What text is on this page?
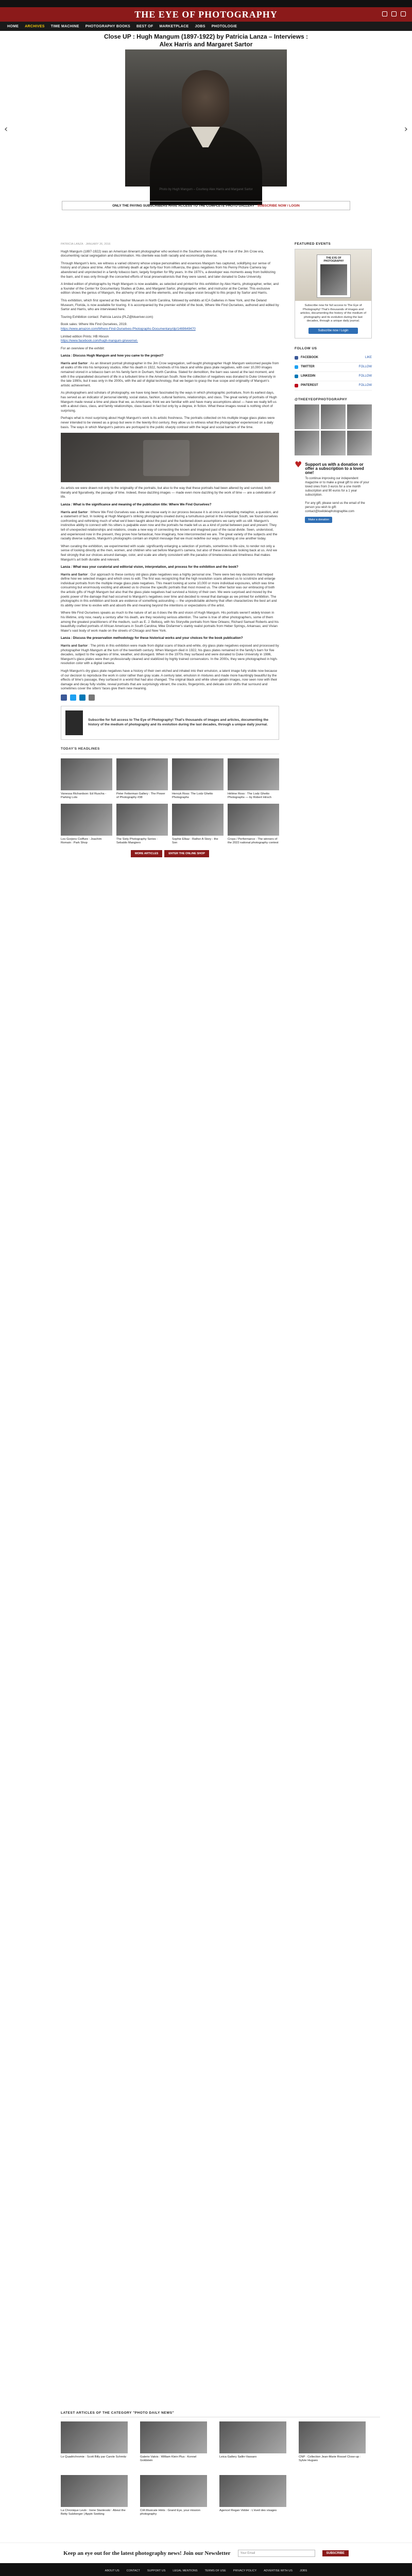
THE EYE OF PHOTOGRAPHY
HOME ARCHIVES TIME MACHINE PHOTOGRAPHY BOOKS BEST OF MARKETPLACE JOBS PHOTOLOGIE
Close UP : Hugh Mangum (1897-1922) by Patricia Lanza – Interviews : Alex Harris and Margaret Sartor
‹	›
Photo by Hugh Mangum – Courtesy Alex Harris and Margaret Sartor
ONLY THE PAYING SUBSCRIBERS HAVE ACCESS TO THE COMPLETE PHOTO GALLERY SUBSCRIBE NOW / LOGIN
PATRICIA LANZA · JANUARY 26, 2016

Hugh Mangum (1897-1922) was an American itinerant photographer who worked in the Southern states during the rise of the Jim Crow era, documenting racial segregation and discrimination. His clientele was both racially and economically diverse.

Through Mangum's lens, we witness a varied citizenry whose unique personalities and essences Mangum has captured, solidifying our sense of history and of place and time. After his untimely death at age forty-four from influenza, the glass negatives from his Penny Picture Camera lay abandoned and unprotected in a family tobacco barn, largely forgotten for fifty years. In the 1970's, a developer was moments away from bulldozing the barn, and it was only through the concerted efforts of local preservationists that they were saved, and later donated to Duke University.

A limited edition of photographs by Hugh Mangum is now available, as selected and printed for this exhibition by Alex Harris, photographer, writer, and a founder of the Center for Documentary Studies at Duke, and Margaret Sartor, photographer, writer, and instructor at the Center. This exclusive edition shows the genius of Mangum, the alchemy of time and the elements, and the unique vision brought to this project by Sartor and Harris.

This exhibition, which first opened at the Nasher Museum in North Carolina, followed by exhibits at ICA Galleries in New York, and the Deland Museum, Florida, is now available for touring. It is accompanied by the premier exhibit of the book, Where We Find Ourselves, authored and edited by Sartor and Harris, who are interviewed here.

Touring Exhibition contact: Patricia Lanza (PLZ@blueriver.com)

Book sales: Where We Find Ourselves, 2019.
https://www.amazon.com/Where-Find-Ourselves-Photographs-Documentary/dp/1469649470

Limited edition Prints: HB Hixson
https://www.facebook.com/hugh-mangum-grievernet-

For an overview of the exhibit:

Lanza : Discuss Hugh Mangum and how you came to the project?

Harris and Sartor : As an itinerant portrait photographer in the Jim Crow segregation, self-taught photographer Hugh Mangum welcomed people from all walks of life into his temporary studios. After his death in 1922, hundreds of his black and white glass plate negatives, with over 10,000 images remained stored in a tobacco barn on his family farm in Durham, North Carolina. Slated for demolition, the barn was saved at the last moment, and with it the unparalleled document of life in a turbulent time in the American South. Now the collection of negatives was donated to Duke University in the late 1990s, but it was only in the 2000s, with the aid of digital technology, that we began to grasp the true scope and originality of Mangum's artistic achievement.

As photographers and scholars of photography, we have long been fascinated by the ways in which photographic portraiture, from its earliest days, has served as an indicator of personal identity, social status, fashion, cultural fashions, relationships, and class. The great variety of portraits of Hugh Mangum made reveal a time and place that we, as Americans, think we are familiar with and have many assumptions about — have we really left us with a about class, class, and family relationships, class based in fact but only by a degree, in fiction. What these images reveal is nothing short of surprising.

Perhaps what is most surprising about Hugh Mangum's work is its artistic freshness. The portraits collected on his multiple image glass plates were never intended to be viewed as a group but were in the twenty-first century, they allow us to witness what the photographer experienced on a daily basis. The ways in which Mangum's patrons are portrayed to the public sharply contrast with the legal and social barriers of the time.

As artists we were drawn not only to the originality of the portraits, but also to the way that these portraits had been altered by and survived, both literally and figuratively, the passage of time. Indeed, these dazzling images — made even more dazzling by the work of time — are a celebration of life.

Lanza : What is the significance and meaning of the publication title: Where We Find Ourselves?

Harris and Sartor : Where We Find Ourselves was a title we chose early in our process because it is at once a compelling metaphor, a question, and a statement of fact. In looking at Hugh Mangum's striking photographs created during a tumultuous period in the American South, we found ourselves confronting and rethinking much of what we'd been taught about the past and the hardened-down assumptions we carry with us still. Mangum's instinctive ability to connect with his sitters is palpable even now and the portraits he made tell us as a kind of portal between past and present. They tell of unexpected relationships and relations, create a new way of connecting the known and imagined past of the racial divide. Seen, understood, and experienced now in the present, they prove how fantastical, how imaginary, how interconnected we are. The great variety of the subjects and the racially diverse subjects, Mangum's photographs contain an implicit message that we must redefine our ways of looking at one another today.

When curating the exhibition, we experimented with scale: significantly enlarging a selection of portraits, sometimes to life-size, to render not only a sense of looking directly at the men, women, and children who sat before Mangum's camera, but also of these individuals looking back at us. And we feel strongly that our choices around damage, color, and scale are utterly consistent with the paradox of timelessness and timeliness that makes Mangum's art both durable and relevant.

Lanza : What was your curatorial and editorial vision, interpretation, and process for the exhibition and the book?

Harris and Sartor : Our approach to these century old glass plate negatives was a highly personal one. There were two key decisions that helped define how we selected images and which ones to edit. The first was recognizing that the high resolution scans allowed us to scrutinize and enlarge individual portraits from the multiple image glass plate negatives. This meant looking at some 10,000 or more individual exposures, which was time consuming but enormously exciting and allowed us to choose the specific portraits that most moved us. The other factor was our embracing of both the artistic gifts of Hugh Mangum but also that the glass plate negatives had survived a history of their own. We were surprised and moved by the poetic power of the damage that had occurred to Mangum's negatives over time and decided to reveal that damage as we printed for exhibition. The photographs in this exhibition and book are evidence of something astounding — the unpredictable alchemy that often characterizes the best art and its ability over time to evolve with and absorb life and meaning beyond the intentions or expectations of the artist.

Where We Find Ourselves speaks as much to the nature of art as it does the life and vision of Hugh Mangum. His portraits weren't widely known in his lifetime, only now, nearly a century after his death, are they receiving serious attention. The same is true of other photographers, some of them among the greatest practitioners of the medium, such as E. J. Bellocq, with his Storyville portraits from New Orleans; Richard Samuel Roberts and his beautifully crafted portraits of African Americans in South Carolina; Mike Disfarmer's starkly realist portraits from Heber Springs, Arkansas; and Vivian Maier's vast body of work made on the streets of Chicago and New York.

Lanza : Discuss the preservation methodology for these historical works and your choices for the book publication?

Harris and Sartor : The prints in this exhibition were made from digital scans of black-and-white, dry glass plate negatives exposed and processed by photographer Hugh Mangum at the turn of the twentieth century. When Mangum died in 1922, his glass plates remained in the family's barn for five decades, subject to the vagaries of time, weather, and disregard. When in the 1970s they surfaced and were donated to Duke University in 1986, Mangum's glass plates were then professionally cleaned and stabilized by highly trained conservators. In the 2000s, they were photographed in high-resolution color with a digital camera.

Hugh Mangum's dry glass plate negatives have a history of their own etched and inhaled into their emulsion, a latent image fully visible now because of our decision to reproduce the work in color rather than gray scale. A century later, emulsion in mixtures and made more hauntingly beautiful by the effects of time's passage, they surfaced in a world that had also changed. The original black and white silver-gelatin images, now seen now with their damage and decay fully visible, reveal portraits that are surprisingly vibrant; the cracks, fingerprints, and delicate color shifts that surround and sometimes cover the sitters' faces give them new meaning.

Subscribe for full access to The Eye of Photography! That's thousands of images and articles, documenting the history of the medium of photography and its evolution during the last decades, through a unique daily journal.
TODAY'S HEADLINES
Vanessa Richardson: Ed Ruscha - Parking Lots
Peter Fetterman Gallery : The Power of Photography #38
Henryk Ross: The Lodz Ghetto Photographs
Hélène Ross : The Lodz Ghetto Photographs — by Robert Hirsch
Les Gorjons Coiffure : Joachim Romain : Park Shop
The Sixty Photography Series : Sebaldo Mangiero
Sophie Elbaz : Rather A Story - the Son
Crops / Performance : The winners of the 2022 national photography contest
MORE ARTICLES	ENTER THE ONLINE SHOP
FEATURED EVENTS
THE EYE OF PHOTOGRAPHY
Subscribe now for full access to The Eye of Photography! That's thousands of images and articles, documenting the history of the medium of photography and its evolution during the last decades, through a unique daily journal.
Subscribe now / Login
FOLLOW US
FACEBOOK	LIKE
TWITTER	FOLLOW
LINKEDIN	FOLLOW
PINTEREST	FOLLOW
@THEEYEOFPHOTOGRAPHY
♥ Support us with a donation or offer a subscription to a loved one!
To continue improving our independent magazine or to make a great gift to one of your loved ones from 3 euros for a one month subscription and 90 euros for a 1 year subscription.

For any gift, please send us the email of the person you wish to gift: contact@loeildelaphotographie.com
Make a donation
LATEST ARTICLES OF THE CATEGORY "PHOTO DAILY NEWS"
Le Quadrichromie : Scott Billy par Carole Schmitz	Galerie Valois : William Klein Plus : Konnel Goldstein
Leica Gallery Sallin-Vassaro	CNP : Collection Jean-Marie Rossel Close-up : Sylvie Hugues
La Chronique Levin : Irene Stanlevski : About the Betty Sulzberger | Appin Seeking
CIA Musicale Hints : Grand Eye, your mission photography
Agencel Regan Vidder : L'éveil des visages
Keep an eye out for the latest photography news! Join our Newsletter	Your Email	SUBSCRIBE
ABOUT US	CONTACT	SUPPORT US	LEGAL MENTIONS	TERMS OF USE	PRIVACY POLICY	ADVERTISE WITH US	JOBS
